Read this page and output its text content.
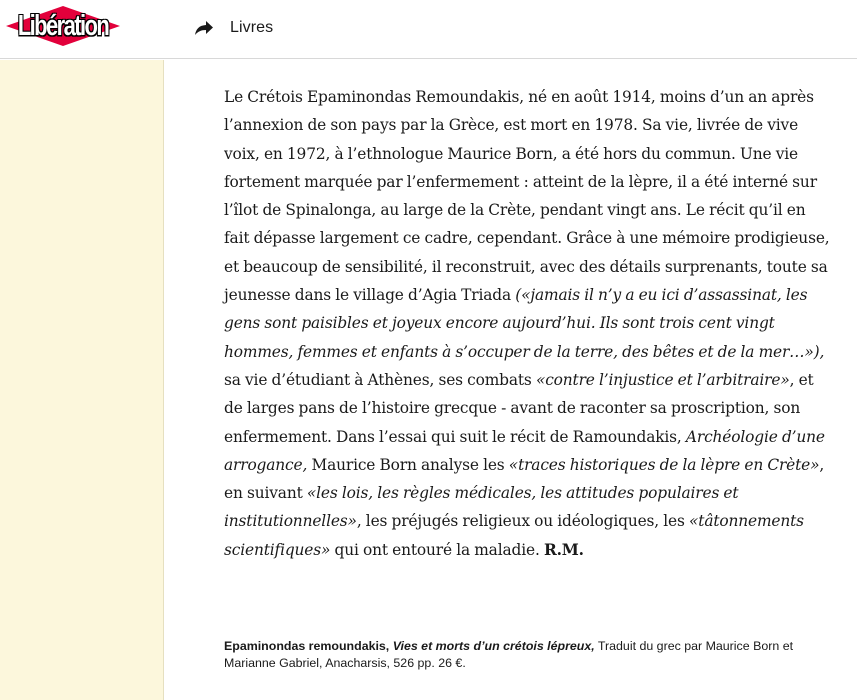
Libération	Livres

Le Crétois Epaminondas Remoundakis, né en août 1914, moins d’un an après l’annexion de son pays par la Grèce, est mort en 1978. Sa vie, livrée de vive voix, en 1972, à l’ethnologue Maurice Born, a été hors du commun. Une vie fortement marquée par l’enfermement : atteint de la lèpre, il a été interné sur l’îlot de Spinalonga, au large de la Crète, pendant vingt ans. Le récit qu’il en fait dépasse largement ce cadre, cependant. Grâce à une mémoire prodigieuse, et beaucoup de sensibilité, il reconstruit, avec des détails surprenants, toute sa jeunesse dans le village d’Agia Triada («jamais il n’y a eu ici d’assassinat, les gens sont paisibles et joyeux encore aujourd’hui. Ils sont trois cent vingt hommes, femmes et enfants à s’occuper de la terre, des bêtes et de la mer…»), sa vie d’étudiant à Athènes, ses combats «contre l’injustice et l’arbitraire», et de larges pans de l’histoire grecque - avant de raconter sa proscription, son enfermement. Dans l’essai qui suit le récit de Ramoundakis, Archéologie d’une arrogance, Maurice Born analyse les «traces historiques de la lèpre en Crète», en suivant «les lois, les règles médicales, les attitudes populaires et institutionnelles», les préjugés religieux ou idéologiques, les «tâtonnements scientifiques» qui ont entouré la maladie. R.M.

Epaminondas remoundakis, Vies et morts d’un crétois lépreux, Traduit du grec par Maurice Born et Marianne Gabriel, Anacharsis, 526 pp. 26 €.
